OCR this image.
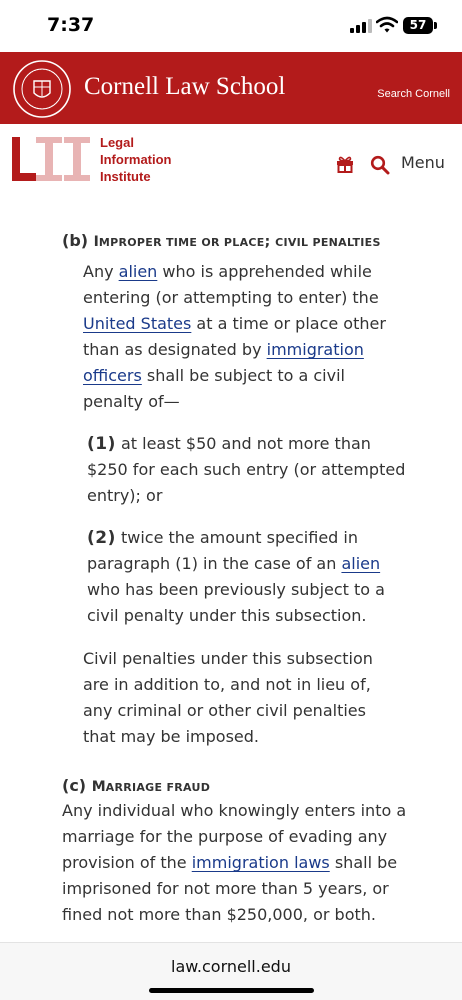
7:37	57
Cornell Law School	Search Cornell
Legal
Information
Institute
Menu
(b) IMPROPER TIME OR PLACE; CIVIL PENALTIES

Any alien who is apprehended while

entering (or attempting to enter) the

United States at a time or place other

than as designated by immigration

officers shall be subject to a civil

penalty of—

(1) at least $50 and not more than

$250 for each such entry (or attempted

entry); or

(2) twice the amount specified in

paragraph (1) in the case of an alien

who has been previously subject to a

civil penalty under this subsection.

Civil penalties under this subsection

are in addition to, and not in lieu of,

any criminal or other civil penalties

that may be imposed.

(c) MARRIAGE FRAUD

Any individual who knowingly enters into a

marriage for the purpose of evading any

provision of the immigration laws shall be

imprisoned for not more than 5 years, or

fined not more than $250,000, or both.

law.cornell.edu
